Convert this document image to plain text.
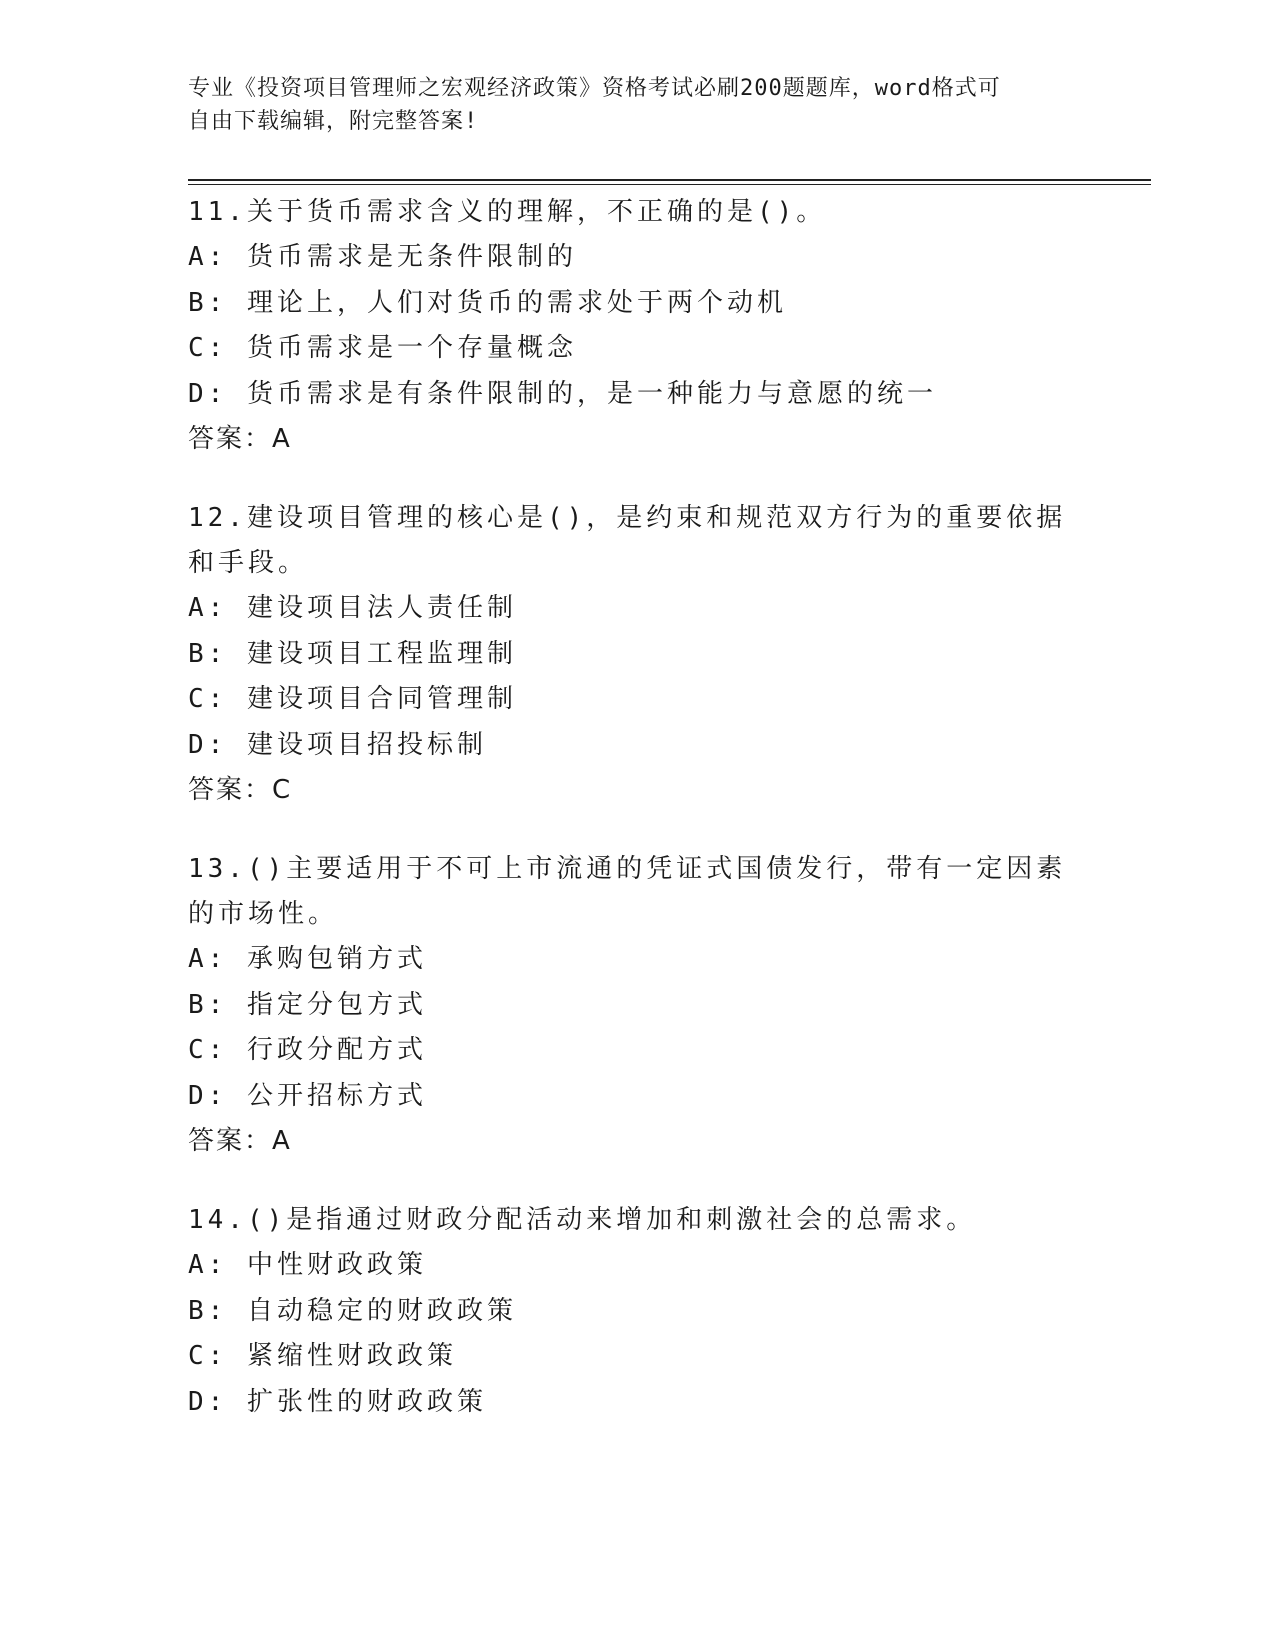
专业《投资项目管理师之宏观经济政策》资格考试必刷200题题库，word格式可
自由下载编辑，附完整答案!

11.关于货币需求含义的理解，不正确的是()。

A: 货币需求是无条件限制的

B: 理论上，人们对货币的需求处于两个动机

C: 货币需求是一个存量概念

D: 货币需求是有条件限制的，是一种能力与意愿的统一

答案：A

12.建设项目管理的核心是()，是约束和规范双方行为的重要依据和手段。

A: 建设项目法人责任制

B: 建设项目工程监理制

C: 建设项目合同管理制

D: 建设项目招投标制

答案：C

13.()主要适用于不可上市流通的凭证式国债发行，带有一定因素的市场性。

A: 承购包销方式

B: 指定分包方式

C: 行政分配方式

D: 公开招标方式

答案：A

14.()是指通过财政分配活动来增加和刺激社会的总需求。

A: 中性财政政策

B: 自动稳定的财政政策

C: 紧缩性财政政策

D: 扩张性的财政政策
